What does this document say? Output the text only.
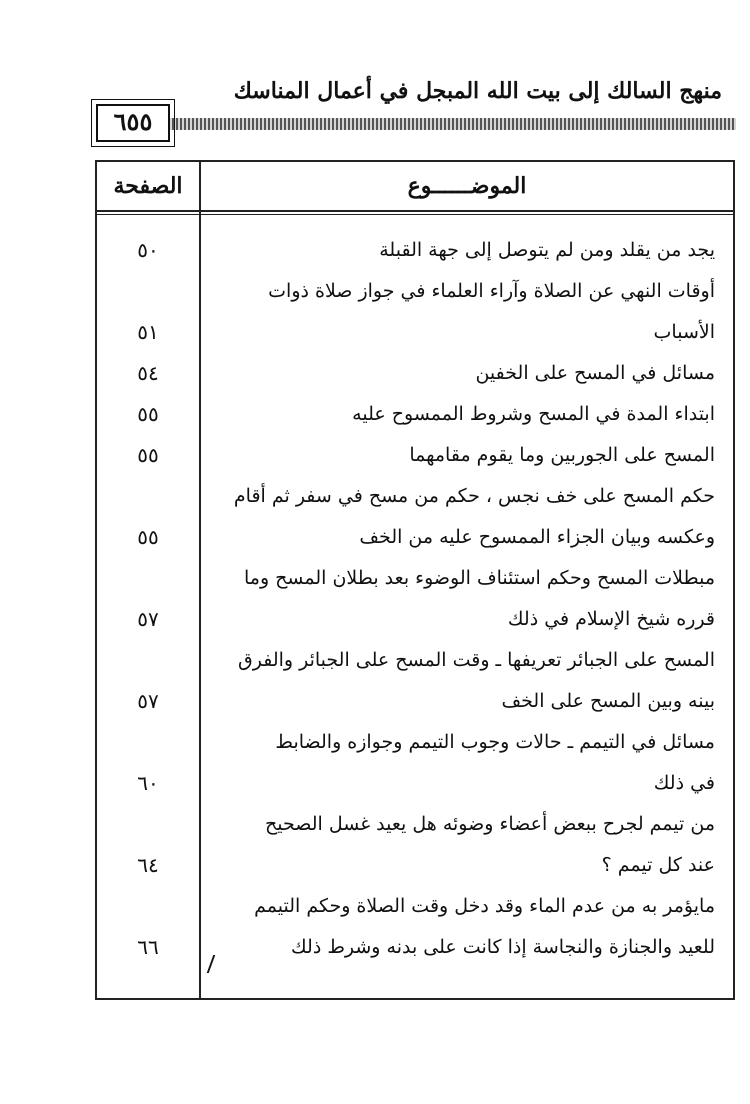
منهج السالك إلى بيت الله المبجل في أعمال المناسك
٦٥٥
الموضــــــوع
الصفحة
يجد من يقلد ومن لم يتوصل إلى جهة القبلة
٥٠
أوقات النهي عن الصلاة وآراء العلماء في جواز صلاة ذوات
الأسباب
٥١
مسائل في المسح على الخفين
٥٤
ابتداء المدة في المسح وشروط الممسوح عليه
٥٥
المسح على الجوربين وما يقوم مقامهما
٥٥
حكم المسح على خف نجس ، حكم من مسح في سفر ثم أقام
وعكسه وبيان الجزاء الممسوح عليه من الخف
٥٥
مبطلات المسح وحكم استئناف الوضوء بعد بطلان المسح وما
قرره شيخ الإسلام في ذلك
٥٧
المسح على الجبائر تعريفها ـ وقت المسح على الجبائر والفرق
بينه وبين المسح على الخف
٥٧
مسائل في التيمم ـ حالات وجوب التيمم وجوازه والضابط
في ذلك
٦٠
من تيمم لجرح ببعض أعضاء وضوئه هل يعيد غسل الصحيح
عند كل تيمم ؟
٦٤
مايؤمر به من عدم الماء وقد دخل وقت الصلاة وحكم التيمم
للعيد والجنازة والنجاسة إذا كانت على بدنه وشرط ذلك
٦٦
